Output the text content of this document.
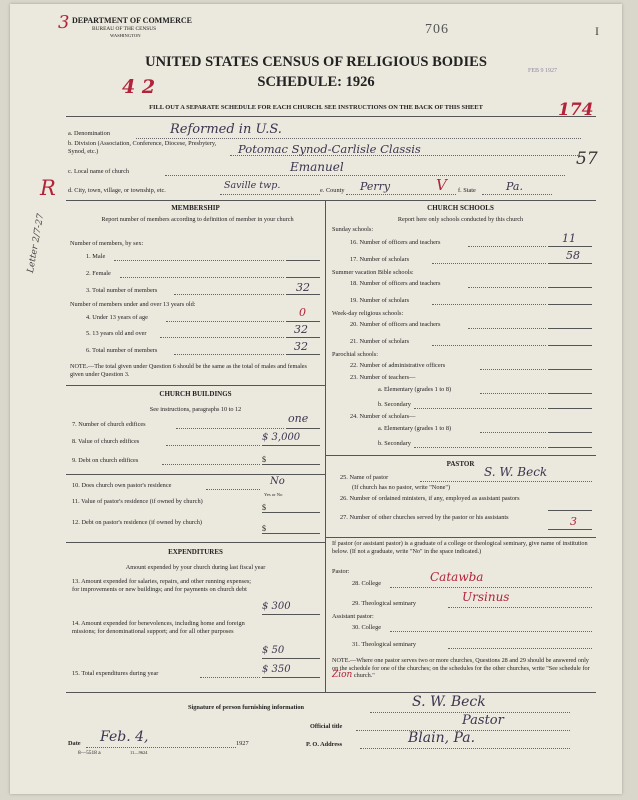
3 DEPARTMENT OF COMMERCE
BUREAU OF THE CENSUS
WASHINGTON	706	I
FEB 9 1927
UNITED STATES CENSUS OF RELIGIOUS BODIES
SCHEDULE: 1926
4 2
174
FILL OUT A SEPARATE SCHEDULE FOR EACH CHURCH. SEE INSTRUCTIONS ON THE BACK OF THIS SHEET
a. Denomination	Reformed in U.S.
b. Division (Association, Conference, Diocese, Presbytery, Synod, etc.)	Potomac Synod-Carlisle Classis
c. Local name of church	Emanuel	57
R d. City, town, village, or township, etc.	Saville twp.	e. County Perry	V f. State	Pa.
Letter 2/7-27
MEMBERSHIP
Report number of members according to definition of member in your church
Number of members, by sex:
1. Male
2. Female
3. Total number of members	32
Number of members under and over 13 years old:
4. Under 13 years of age	0
5. 13 years old and over	32
6. Total number of members	32
NOTE.—The total given under Question 6 should be the same as the total of males and females given under Question 3.
CHURCH BUILDINGS
See instructions, paragraphs 10 to 12
7. Number of church edifices	one
8. Value of church edifices	$ 3,000
9. Debt on church edifices	$
10. Does church own pastor's residence	No
Yes or No
11. Value of pastor's residence (if owned by church)
$
12. Debt on pastor's residence (if owned by church)
$
EXPENDITURES
Amount expended by your church during last fiscal year
13. Amount expended for salaries, repairs, and other running expenses; for improvements or new buildings; and for payments on church debt
$ 300
14. Amount expended for benevolences, including home and foreign missions; for denominational support; and for all other purposes
$ 50
15. Total expenditures during year	$ 350
CHURCH SCHOOLS
Report here only schools conducted by this church
Sunday schools:
16. Number of officers and teachers	11
17. Number of scholars	58
Summer vacation Bible schools:
18. Number of officers and teachers
19. Number of scholars
Week-day religious schools:
20. Number of officers and teachers
21. Number of scholars
Parochial schools:
22. Number of administrative officers
23. Number of teachers—
a. Elementary (grades 1 to 8)
b. Secondary
24. Number of scholars—
a. Elementary (grades 1 to 8)
b. Secondary
PASTOR
25. Name of pastor	S. W. Beck
(If church has no pastor, write "None")
26. Number of ordained ministers, if any, employed as assistant pastors
27. Number of other churches served by the pastor or his assistants	3
If pastor (or assistant pastor) is a graduate of a college or theological seminary, give name of institution below. (If not a graduate, write "No" in the space indicated.)
Pastor:
28. College	Catawba
29. Theological seminary	Ursinus
Assistant pastor:
30. College
31. Theological seminary
NOTE.—Where one pastor serves two or more churches, Questions 28 and 29 should be answered only on the schedule for one of the churches; on the schedules for the other churches, write "See schedule for Zion church."
Signature of person furnishing information	S. W. Beck
Official title	Pastor
Date Feb. 4,	1927	P. O. Address	Blain, Pa.
8—5518 a	11—9624
